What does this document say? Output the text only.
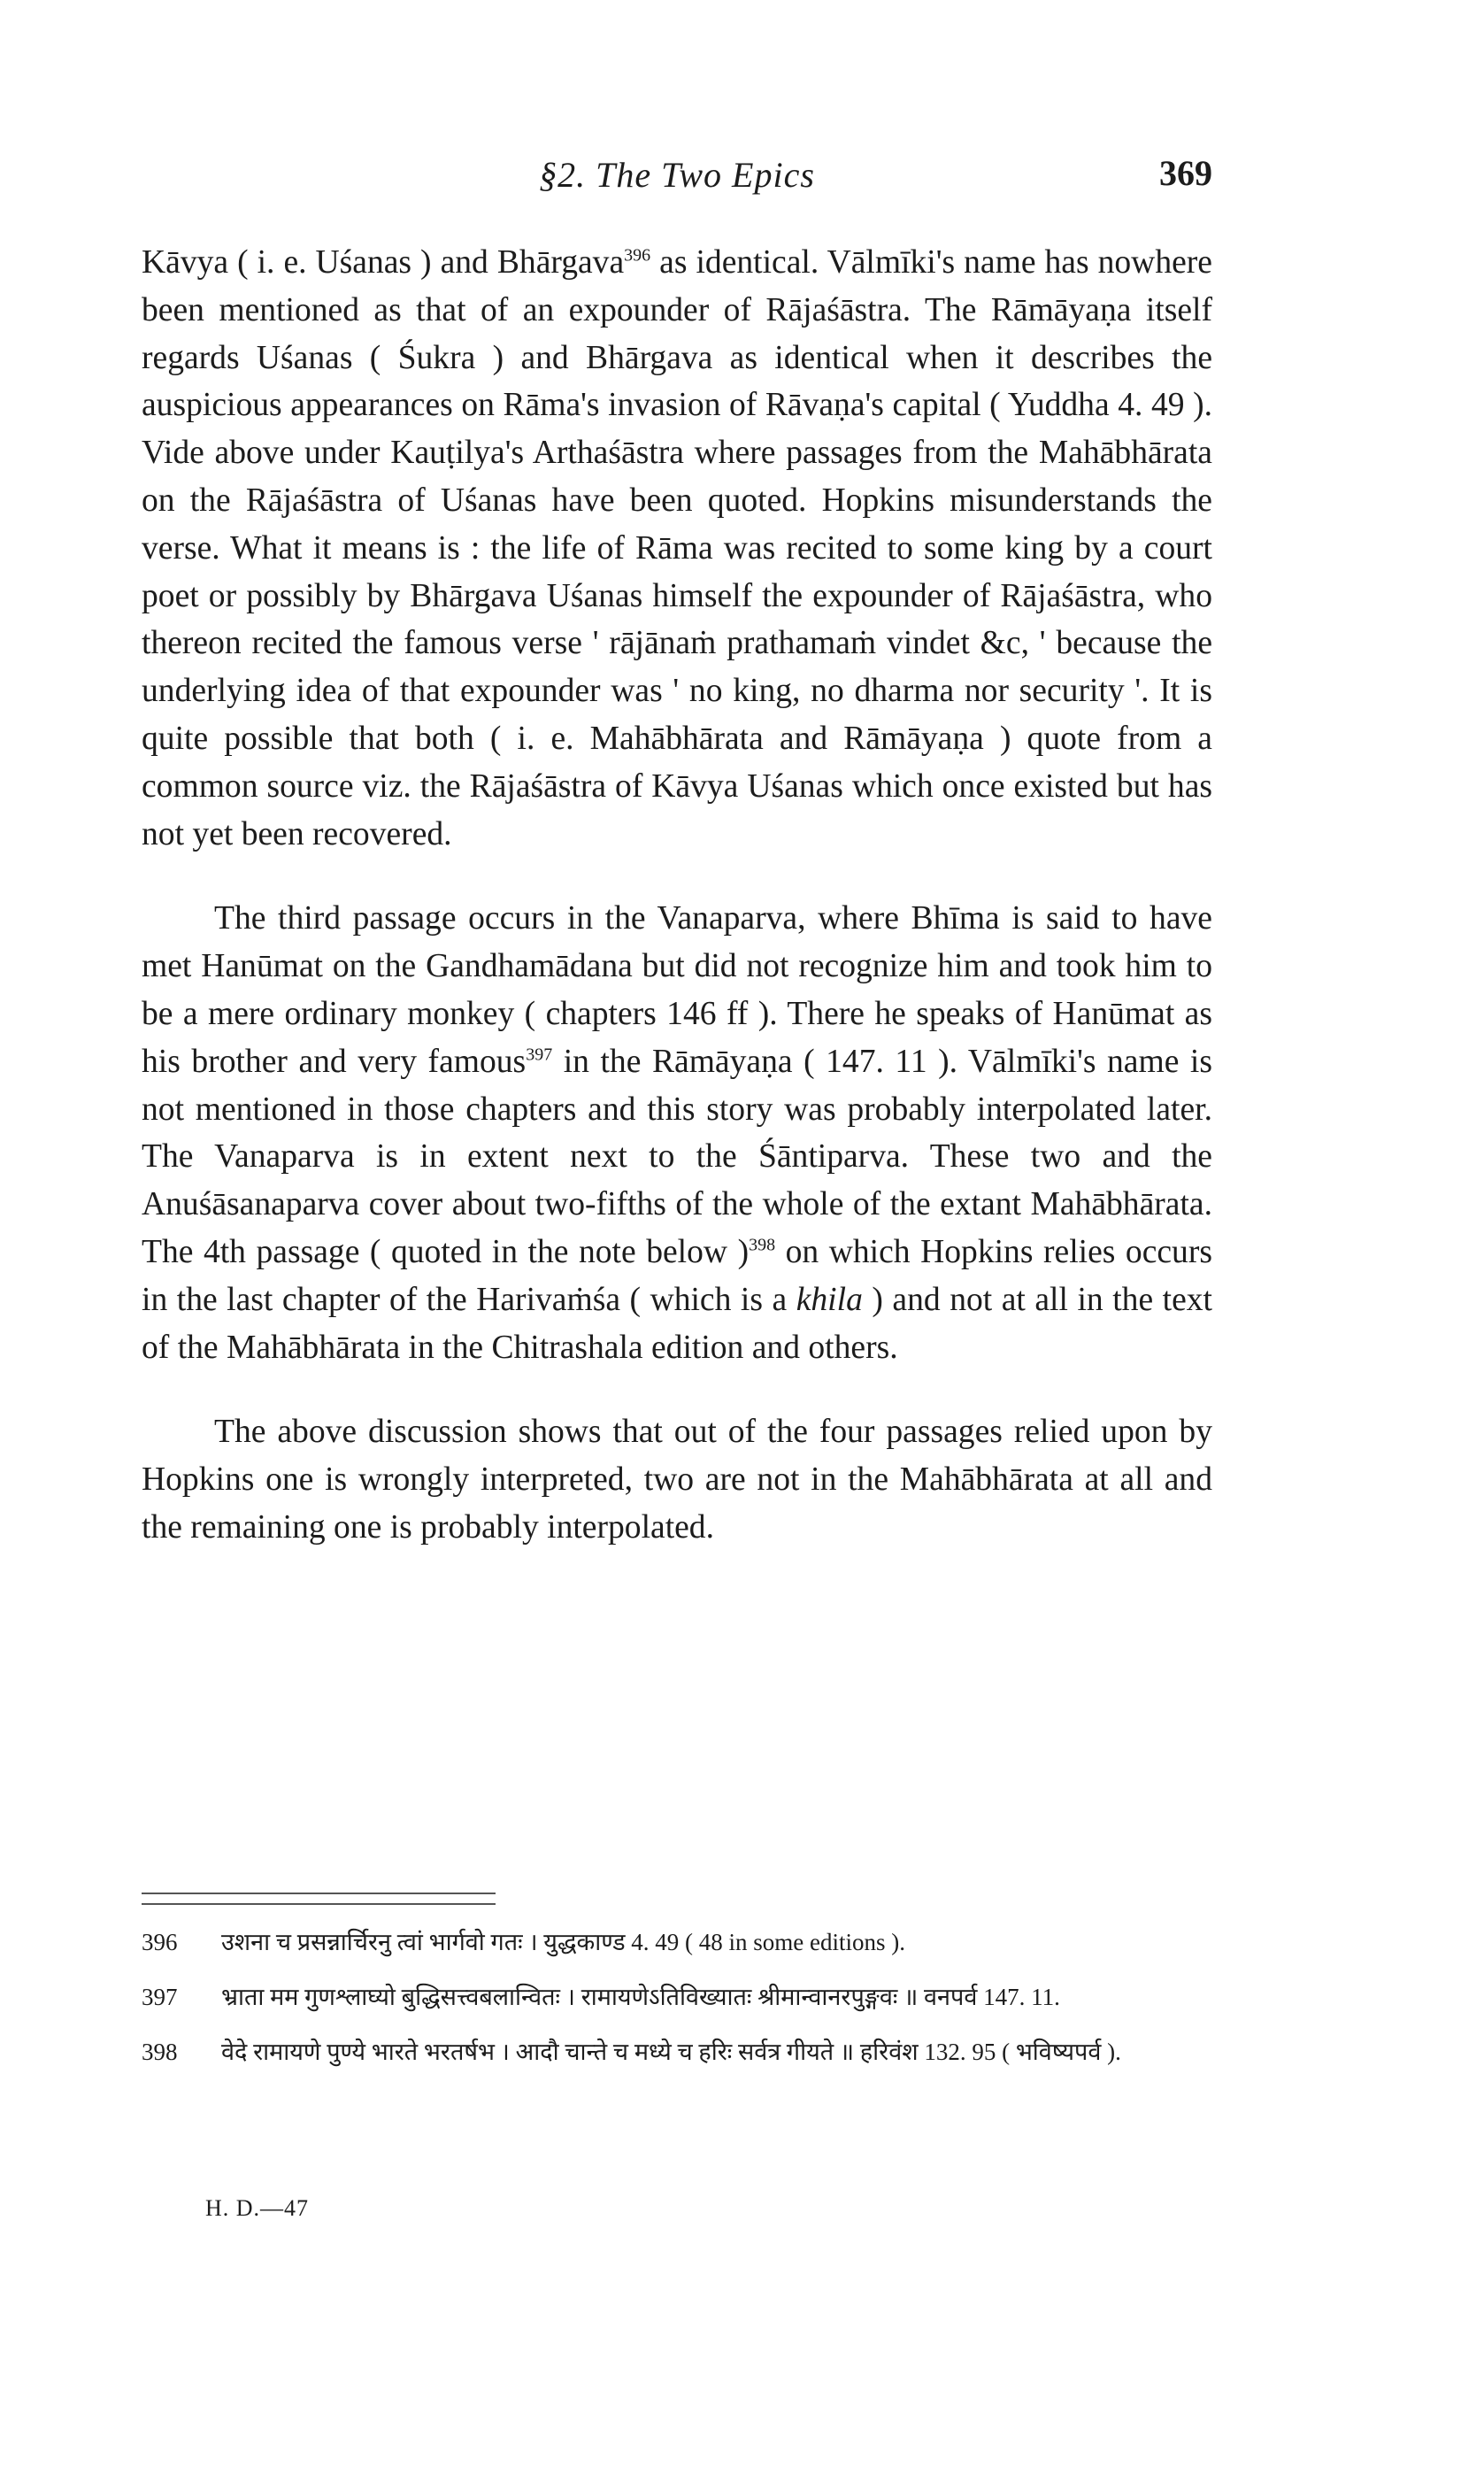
§2. The Two Epics	369

Kāvya ( i. e. Uśanas ) and Bhārgava$^{396}$ as identical. Vālmīki's name has nowhere been mentioned as that of an expounder of Rājaśāstra. The Rāmāyaṇa itself regards Uśanas ( Śukra ) and Bhārgava as identical when it describes the auspicious appearances on Rāma's invasion of Rāvaṇa's capital ( Yuddha 4. 49 ). Vide above under Kauṭilya's Arthaśāstra where passages from the Mahābhārata on the Rājaśāstra of Uśanas have been quoted. Hopkins misunderstands the verse. What it means is : the life of Rāma was recited to some king by a court poet or possibly by Bhārgava Uśanas himself the expounder of Rājaśāstra, who thereon recited the famous verse ' rājānaṁ prathamaṁ vindet &c, ' because the underlying idea of that expounder was ' no king, no dharma nor security '. It is quite possible that both ( i. e. Mahābhārata and Rāmāyaṇa ) quote from a common source viz. the Rājaśāstra of Kāvya Uśanas which once existed but has not yet been recovered.

The third passage occurs in the Vanaparva, where Bhīma is said to have met Hanūmat on the Gandhamādana but did not recognize him and took him to be a mere ordinary monkey ( chapters 146 ff ). There he speaks of Hanūmat as his brother and very famous$^{397}$ in the Rāmāyaṇa ( 147. 11 ). Vālmīki's name is not mentioned in those chapters and this story was probably interpolated later. The Vanaparva is in extent next to the Śāntiparva. These two and the Anuśāsanaparva cover about two-fifths of the whole of the extant Mahābhārata. The 4th passage ( quoted in the note below )$^{398}$ on which Hopkins relies occurs in the last chapter of the Harivaṁśa ( which is a khila ) and not at all in the text of the Mahābhārata in the Chitrashala edition and others.

The above discussion shows that out of the four passages relied upon by Hopkins one is wrongly interpreted, two are not in the Mahābhārata at all and the remaining one is probably interpolated.

396 उशना च प्रसन्नार्चिरनु त्वां भार्गवो गतः । युद्धकाण्ड 4. 49 ( 48 in some editions ).
397 भ्राता मम गुणश्लाघ्यो बुद्धिसत्त्वबलान्वितः । रामायणेऽतिविख्यातः श्रीमान्वानरपुङ्गवः ॥ वनपर्व 147. 11.
398 वेदे रामायणे पुण्ये भारते भरतर्षभ । आदौ चान्ते च मध्ये च हरिः सर्वत्र गीयते ॥ हरिवंश 132. 95 ( भविष्यपर्व ).
H. D.—47
